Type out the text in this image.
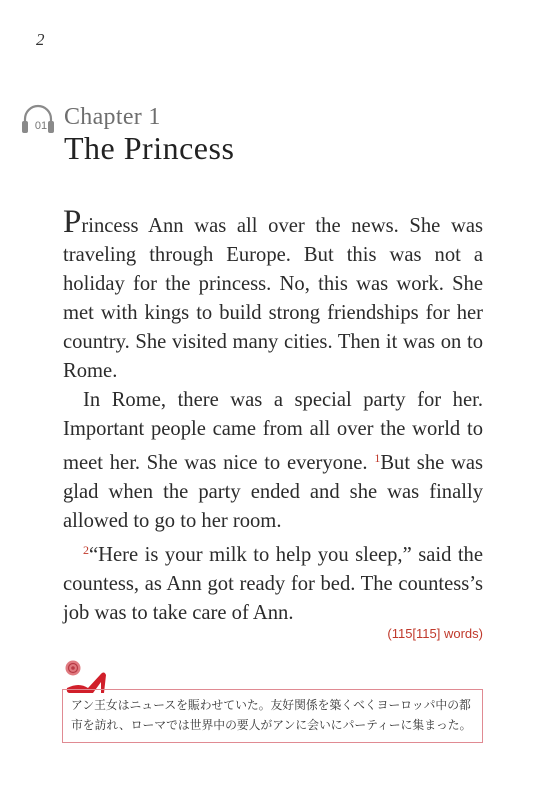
2
01 Chapter 1
The Princess

Princess Ann was all over the news. She was traveling through Europe. But this was not a holiday for the princess. No, this was work. She met with kings to build strong friendships for her country. She visited many cities. Then it was on to Rome.

In Rome, there was a special party for her. Important people came from all over the world to meet her. She was nice to everyone. $^1$But she was glad when the party ended and she was finally allowed to go to her room.

$^2$“Here is your milk to help you sleep,” said the countess, as Ann got ready for bed. The countess’s job was to take care of Ann.

(115[115] words)
アン王女はニュースを賑わせていた。友好関係を築くべくヨーロッパ中の都市を訪れ、ローマでは世界中の要人がアンに会いにパーティーに集まった。
